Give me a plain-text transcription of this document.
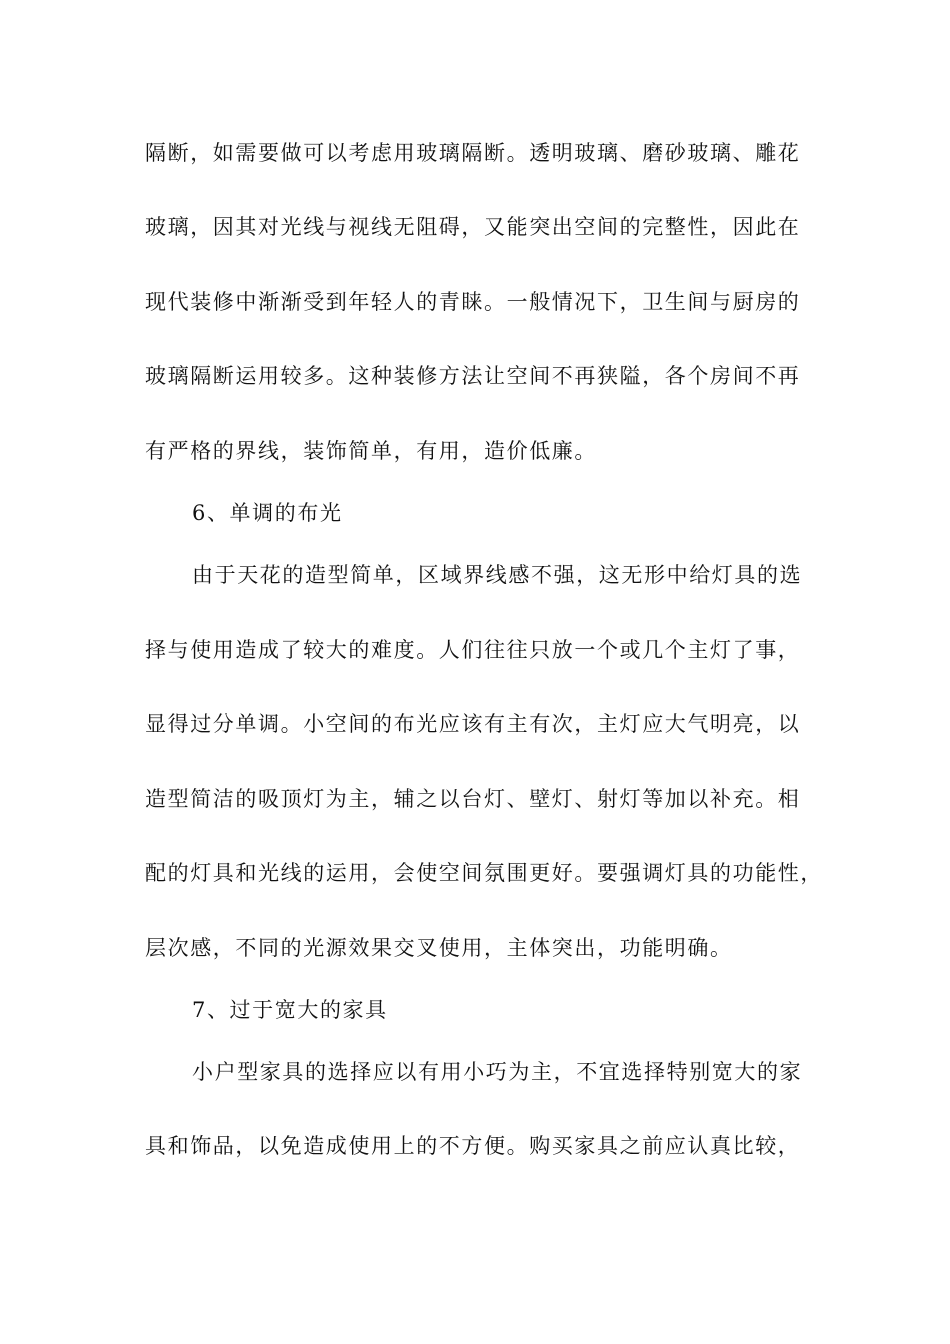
隔断，如需要做可以考虑用玻璃隔断。透明玻璃、磨砂玻璃、雕花

玻璃，因其对光线与视线无阻碍，又能突出空间的完整性，因此在

现代装修中渐渐受到年轻人的青睐。一般情况下，卫生间与厨房的

玻璃隔断运用较多。这种装修方法让空间不再狭隘，各个房间不再

有严格的界线，装饰简单，有用，造价低廉。

6、单调的布光

由于天花的造型简单，区域界线感不强，这无形中给灯具的选

择与使用造成了较大的难度。人们往往只放一个或几个主灯了事，

显得过分单调。小空间的布光应该有主有次，主灯应大气明亮，以

造型简洁的吸顶灯为主，辅之以台灯、壁灯、射灯等加以补充。相

配的灯具和光线的运用，会使空间氛围更好。要强调灯具的功能性，

层次感，不同的光源效果交叉使用，主体突出，功能明确。

7、过于宽大的家具

小户型家具的选择应以有用小巧为主，不宜选择特别宽大的家

具和饰品，以免造成使用上的不方便。购买家具之前应认真比较，
